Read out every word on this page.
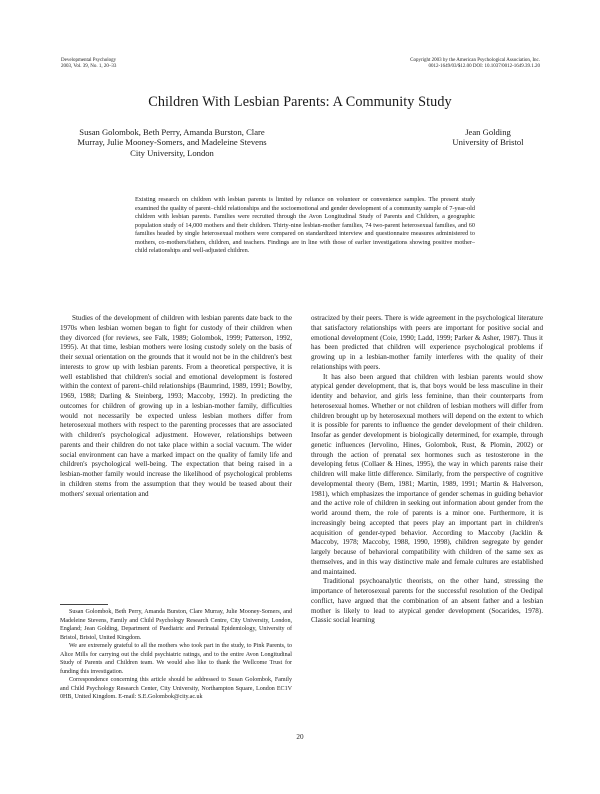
Developmental Psychology
2003, Vol. 39, No. 1, 20–33
Copyright 2003 by the American Psychological Association, Inc.
0012-1649/03/$12.00 DOI: 10.1037/0012-1649.39.1.20
Children With Lesbian Parents: A Community Study
Susan Golombok, Beth Perry, Amanda Burston, Clare Murray, Julie Mooney-Somers, and Madeleine Stevens
City University, London
Jean Golding
University of Bristol
Existing research on children with lesbian parents is limited by reliance on volunteer or convenience samples. The present study examined the quality of parent–child relationships and the socioemotional and gender development of a community sample of 7-year-old children with lesbian parents. Families were recruited through the Avon Longitudinal Study of Parents and Children, a geographic population study of 14,000 mothers and their children. Thirty-nine lesbian-mother families, 74 two-parent heterosexual families, and 60 families headed by single heterosexual mothers were compared on standardized interview and questionnaire measures administered to mothers, co-mothers/fathers, children, and teachers. Findings are in line with those of earlier investigations showing positive mother–child relationships and well-adjusted children.

Studies of the development of children with lesbian parents date back to the 1970s when lesbian women began to fight for custody of their children when they divorced (for reviews, see Falk, 1989; Golombok, 1999; Patterson, 1992, 1995). At that time, lesbian mothers were losing custody solely on the basis of their sexual orientation on the grounds that it would not be in the children's best interests to grow up with lesbian parents. From a theoretical perspective, it is well established that children's social and emotional development is fostered within the context of parent–child relationships (Baumrind, 1989, 1991; Bowlby, 1969, 1988; Darling & Steinberg, 1993; Maccoby, 1992). In predicting the outcomes for children of growing up in a lesbian-mother family, difficulties would not necessarily be expected unless lesbian mothers differ from heterosexual mothers with respect to the parenting processes that are associated with children's psychological adjustment. However, relationships between parents and their children do not take place within a social vacuum. The wider social environment can have a marked impact on the quality of family life and children's psychological well-being. The expectation that being raised in a lesbian-mother family would increase the likelihood of psychological problems in children stems from the assumption that they would be teased about their mothers' sexual orientation and

ostracized by their peers. There is wide agreement in the psychological literature that satisfactory relationships with peers are important for positive social and emotional development (Coie, 1990; Ladd, 1999; Parker & Asher, 1987). Thus it has been predicted that children will experience psychological problems if growing up in a lesbian-mother family interferes with the quality of their relationships with peers.

It has also been argued that children with lesbian parents would show atypical gender development, that is, that boys would be less masculine in their identity and behavior, and girls less feminine, than their counterparts from heterosexual homes. Whether or not children of lesbian mothers will differ from children brought up by heterosexual mothers will depend on the extent to which it is possible for parents to influence the gender development of their children. Insofar as gender development is biologically determined, for example, through genetic influences (Iervolino, Hines, Golombok, Rust, & Plomin, 2002) or through the action of prenatal sex hormones such as testosterone in the developing fetus (Collaer & Hines, 1995), the way in which parents raise their children will make little difference. Similarly, from the perspective of cognitive developmental theory (Bem, 1981; Martin, 1989, 1991; Martin & Halverson, 1981), which emphasizes the importance of gender schemas in guiding behavior and the active role of children in seeking out information about gender from the world around them, the role of parents is a minor one. Furthermore, it is increasingly being accepted that peers play an important part in children's acquisition of gender-typed behavior. According to Maccoby (Jacklin & Maccoby, 1978; Maccoby, 1988, 1990, 1998), children segregate by gender largely because of behavioral compatibility with children of the same sex as themselves, and in this way distinctive male and female cultures are established and maintained.

Traditional psychoanalytic theorists, on the other hand, stressing the importance of heterosexual parents for the successful resolution of the Oedipal conflict, have argued that the combination of an absent father and a lesbian mother is likely to lead to atypical gender development (Socarides, 1978). Classic social learning

Susan Golombok, Beth Perry, Amanda Burston, Clare Murray, Julie Mooney-Somers, and Madeleine Stevens, Family and Child Psychology Research Centre, City University, London, England; Jean Golding, Department of Paediatric and Perinatal Epidemiology, University of Bristol, Bristol, United Kingdom.

We are extremely grateful to all the mothers who took part in the study, to Pink Parents, to Alice Mills for carrying out the child psychiatric ratings, and to the entire Avon Longitudinal Study of Parents and Children team. We would also like to thank the Wellcome Trust for funding this investigation.

Correspondence concerning this article should be addressed to Susan Golombok, Family and Child Psychology Research Center, City University, Northampton Square, London EC1V 0HB, United Kingdom. E-mail: S.E.Golombok@city.ac.uk

20
